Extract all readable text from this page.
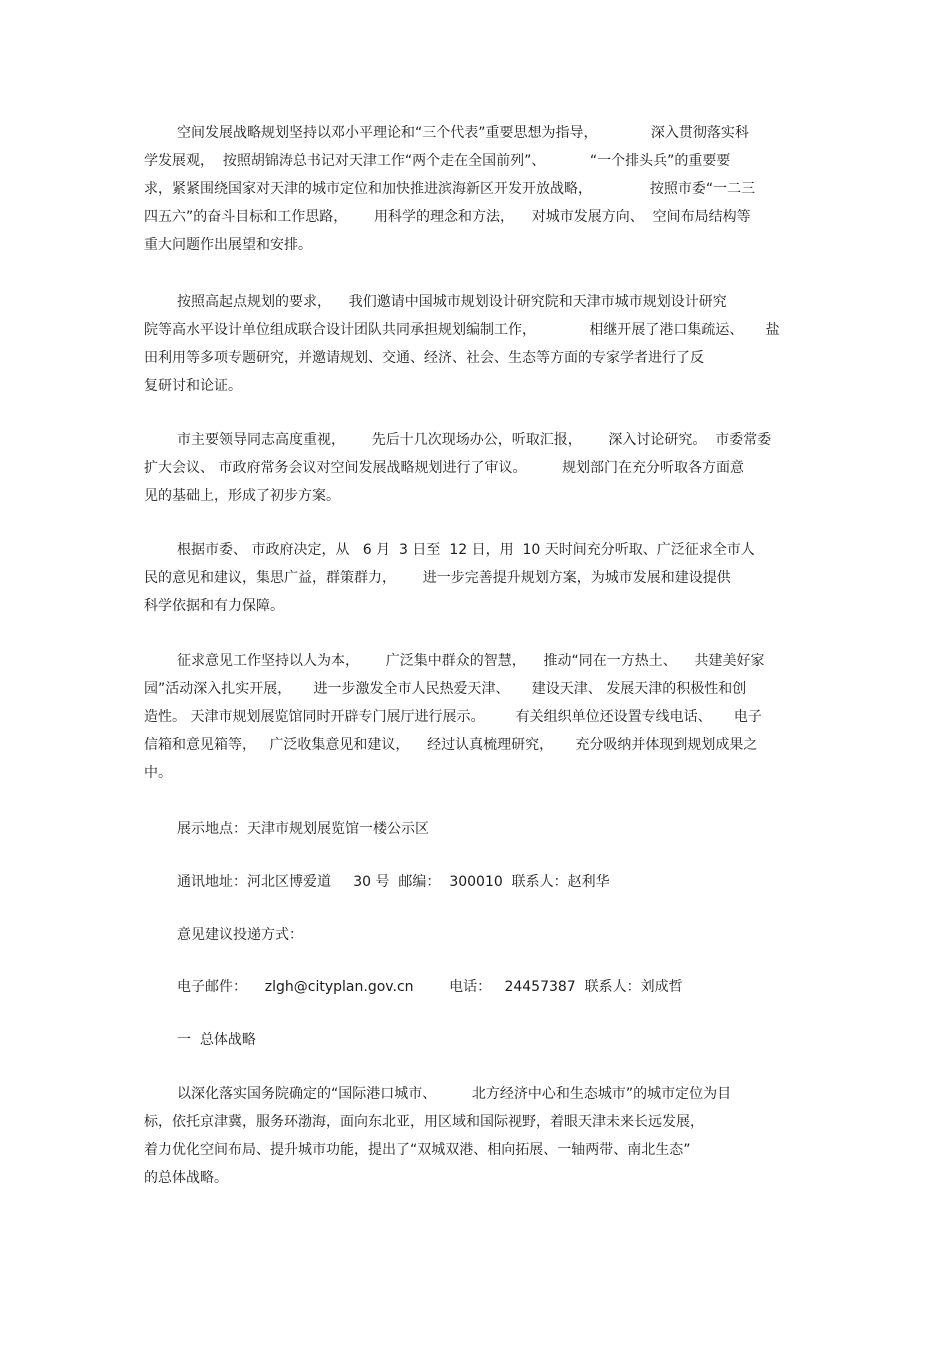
空间发展战略规划坚持以邓小平理论和“三个代表”重要思想为指导，            深入贯彻落实科
学发展观，  按照胡锦涛总书记对天津工作“两个走在全国前列”、          “一个排头兵”的重要要
求，紧紧围绕国家对天津的城市定位和加快推进滨海新区开发开放战略，             按照市委“一二三
四五六”的奋斗目标和工作思路，      用科学的理念和方法，    对城市发展方向、  空间布局结构等
重大问题作出展望和安排。
按照高起点规划的要求，    我们邀请中国城市规划设计研究院和天津市城市规划设计研究
院等高水平设计单位组成联合设计团队共同承担规划编制工作，            相继开展了港口集疏运、     盐
田利用等多项专题研究，并邀请规划、交通、经济、社会、生态等方面的专家学者进行了反
复研讨和论证。
市主要领导同志高度重视，      先后十几次现场办公，听取汇报，      深入讨论研究。  市委常委
扩大会议、 市政府常务会议对空间发展战略规划进行了审议。        规划部门在充分听取各方面意
见的基础上，形成了初步方案。
根据市委、 市政府决定，从   6 月  3 日至  12 日，用  10 天时间充分听取、广泛征求全市人
民的意见和建议，集思广益，群策群力，      进一步完善提升规划方案，为城市发展和建设提供
科学依据和有力保障。
征求意见工作坚持以人为本，      广泛集中群众的智慧，    推动“同在一方热土、    共建美好家
园”活动深入扎实开展，     进一步激发全市人民热爱天津、     建设天津、 发展天津的积极性和创
造性。 天津市规划展览馆同时开辟专门展厅进行展示。       有关组织单位还设置专线电话、     电子
信箱和意见箱等，   广泛收集意见和建议，    经过认真梳理研究，     充分吸纳并体现到规划成果之
中。
展示地点：天津市规划展览馆一楼公示区
通讯地址：河北区博爱道     30 号  邮编：  300010  联系人：赵利华
意见建议投递方式：
电子邮件：    zlgh@cityplan.gov.cn        电话：   24457387  联系人：刘成哲
一  总体战略
以深化落实国务院确定的“国际港口城市、        北方经济中心和生态城市”的城市定位为目
标，依托京津冀，服务环渤海，面向东北亚，用区域和国际视野，着眼天津未来长远发展，
着力优化空间布局、提升城市功能，提出了“双城双港、相向拓展、一轴两带、南北生态”
的总体战略。
